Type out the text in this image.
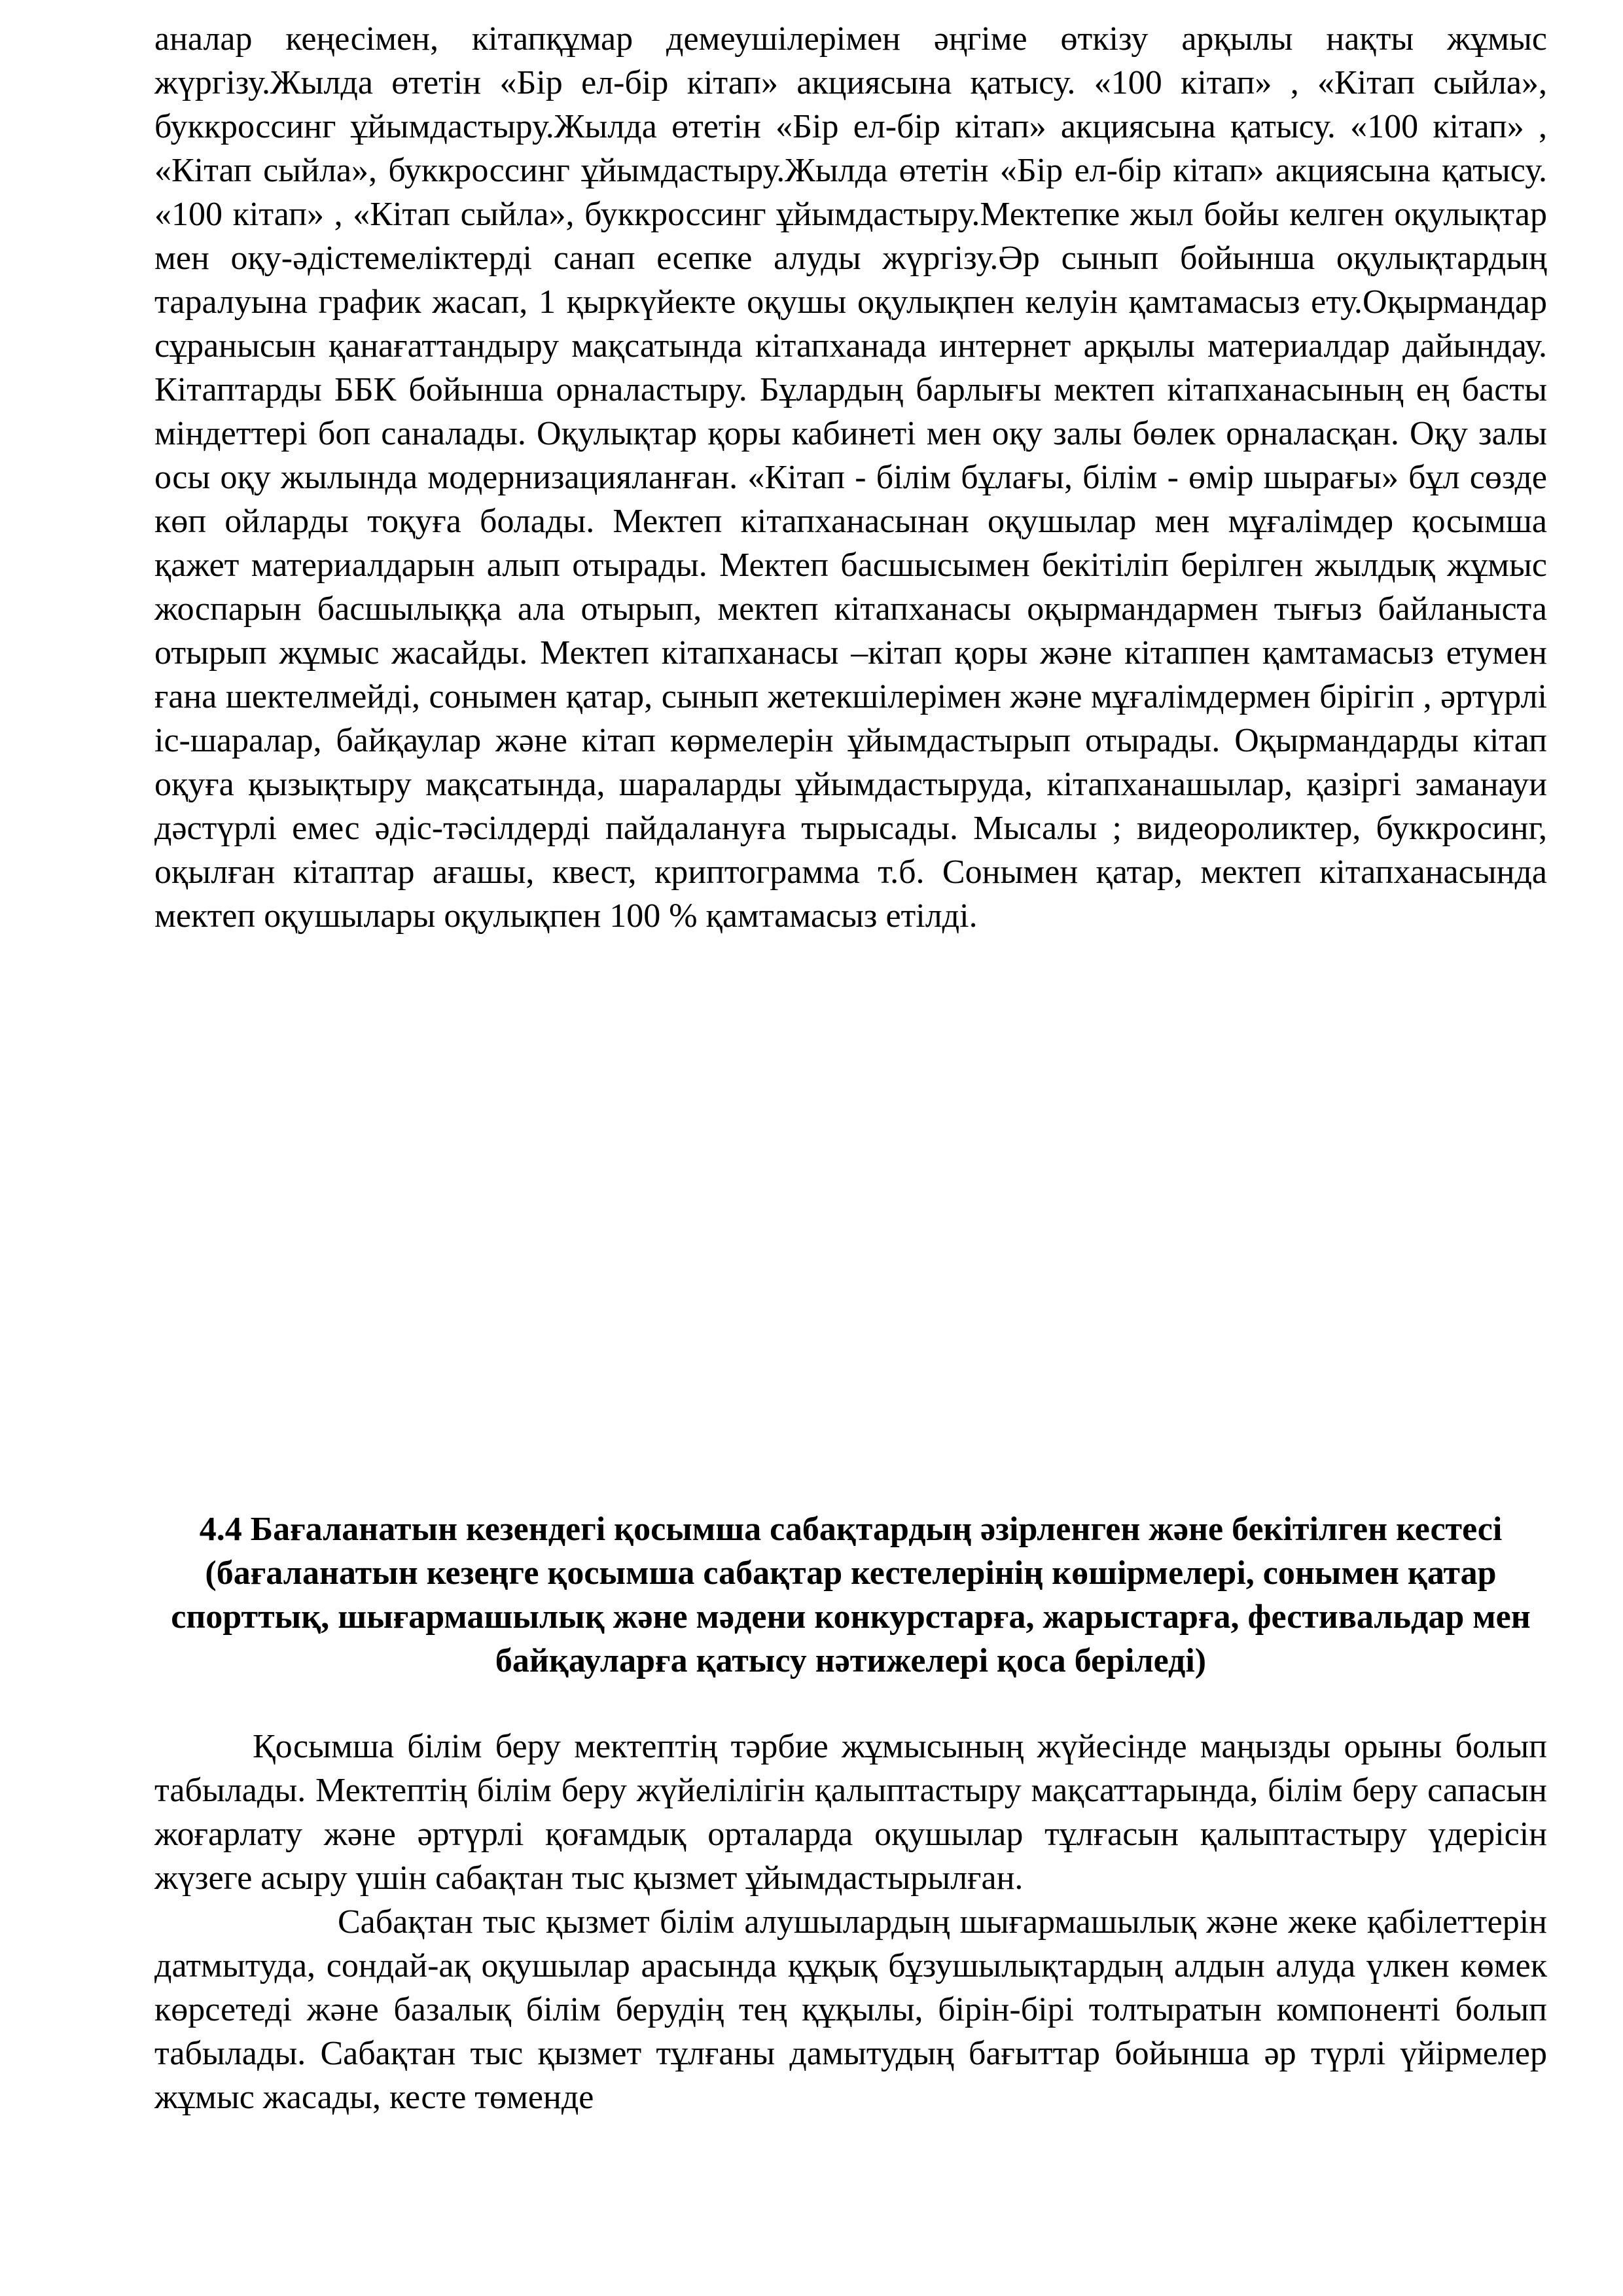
аналар кеңесімен, кітапқұмар демеушілерімен әңгіме өткізу арқылы нақты жұмыс жүргізу.Жылда өтетін «Бір ел-бір кітап» акциясына қатысу. «100 кітап» , «Кітап сыйла», буккроссинг ұйымдастыру.Жылда өтетін «Бір ел-бір кітап» акциясына қатысу. «100 кітап» , «Кітап сыйла», буккроссинг ұйымдастыру.Жылда өтетін «Бір ел-бір кітап» акциясына қатысу. «100 кітап» , «Кітап сыйла», буккроссинг ұйымдастыру.Мектепке жыл бойы келген оқулықтар мен оқу-әдістемеліктерді санап есепке алуды жүргізу.Әр сынып бойынша оқулықтардың таралуына график жасап, 1 қыркүйекте оқушы оқулықпен келуін қамтамасыз ету.Оқырмандар сұранысын қанағаттандыру мақсатында кітапханада интернет арқылы материалдар дайындау. Кітаптарды ББК бойынша орналастыру. Бұлардың барлығы мектеп кітапханасының ең басты міндеттері боп саналады. Оқулықтар қоры кабинеті мен оқу залы бөлек орналасқан. Оқу залы осы оқу жылында модернизацияланған. «Кітап - білім бұлағы, білім - өмір шырағы» бұл сөзде көп ойларды тоқуға болады. Мектеп кітапханасынан оқушылар мен мұғалімдер қосымша қажет материалдарын алып отырады. Мектеп басшысымен бекітіліп берілген жылдық жұмыс жоспарын басшылыққа ала отырып, мектеп кітапханасы оқырмандармен тығыз байланыста отырып жұмыс жасайды. Мектеп кітапханасы –кітап қоры және кітаппен қамтамасыз етумен ғана шектелмейді, сонымен қатар, сынып жетекшілерімен және мұғалімдермен бірігіп , әртүрлі іс-шаралар, байқаулар және кітап көрмелерін ұйымдастырып отырады. Оқырмандарды кітап оқуға қызықтыру мақсатында, шараларды ұйымдастыруда, кітапханашылар, қазіргі заманауи дәстүрлі емес әдіс-тәсілдерді пайдалануға тырысады. Мысалы ; видеороликтер, буккросинг, оқылған кітаптар ағашы, квест, криптограмма т.б. Сонымен қатар, мектеп кітапханасында мектеп оқушылары оқулықпен 100 % қамтамасыз етілді.

4.4 Бағаланатын кезендегі қосымша сабақтардың әзірленген және бекітілген кестесі (бағаланатын кезеңге қосымша сабақтар кестелерінің көшірмелері, сонымен қатар спорттық, шығармашылық және мәдени конкурстарға, жарыстарға, фестивальдар мен байқауларға қатысу нәтижелері қоса беріледі)

Қосымша білім беру мектептің тәрбие жұмысының жүйесінде маңызды орыны болып табылады. Мектептің білім беру жүйелілігін қалыптастыру мақсаттарында, білім беру сапасын жоғарлату және әртүрлі қоғамдық орталарда оқушылар тұлғасын қалыптастыру үдерісін жүзеге асыру үшін сабақтан тыс қызмет ұйымдастырылған.

Сабақтан тыс қызмет білім алушылардың шығармашылық және жеке қабілеттерін датмытуда, сондай-ақ оқушылар арасында құқық бұзушылықтардың алдын алуда үлкен көмек көрсетеді және базалық білім берудің тең құқылы, бірін-бірі толтыратын компоненті болып табылады. Сабақтан тыс қызмет тұлғаны дамытудың бағыттар бойынша әр түрлі үйірмелер жұмыс жасады, кесте төменде
